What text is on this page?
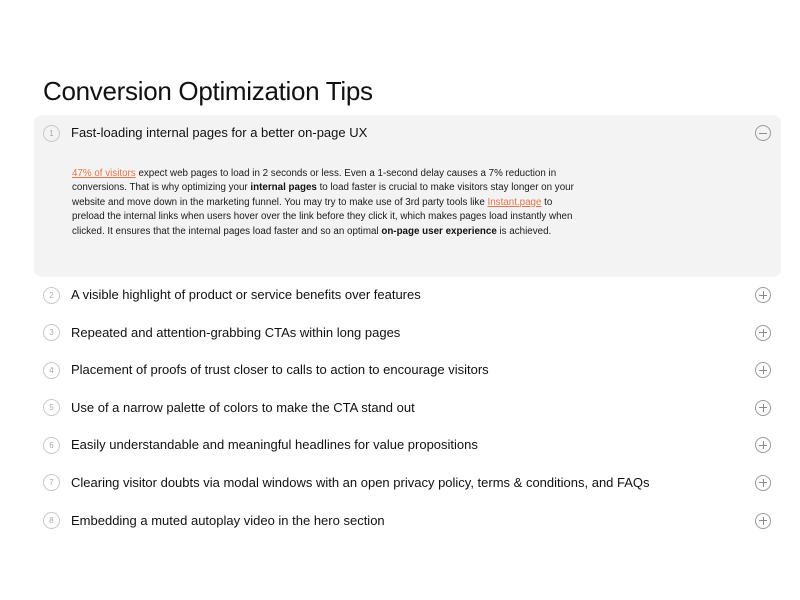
Conversion Optimization Tips
1	Fast-loading internal pages for a better on-page UX
47% of visitors expect web pages to load in 2 seconds or less. Even a 1-second delay causes a 7% reduction in conversions. That is why optimizing your internal pages to load faster is crucial to make visitors stay longer on your website and move down in the marketing funnel. You may try to make use of 3rd party tools like Instant.page to preload the internal links when users hover over the link before they click it, which makes pages load instantly when clicked. It ensures that the internal pages load faster and so an optimal on-page user experience is achieved.
2	A visible highlight of product or service benefits over features
3	Repeated and attention-grabbing CTAs within long pages
4	Placement of proofs of trust closer to calls to action to encourage visitors
5	Use of a narrow palette of colors to make the CTA stand out
6	Easily understandable and meaningful headlines for value propositions
7	Clearing visitor doubts via modal windows with an open privacy policy, terms & conditions, and FAQs
8	Embedding a muted autoplay video in the hero section
